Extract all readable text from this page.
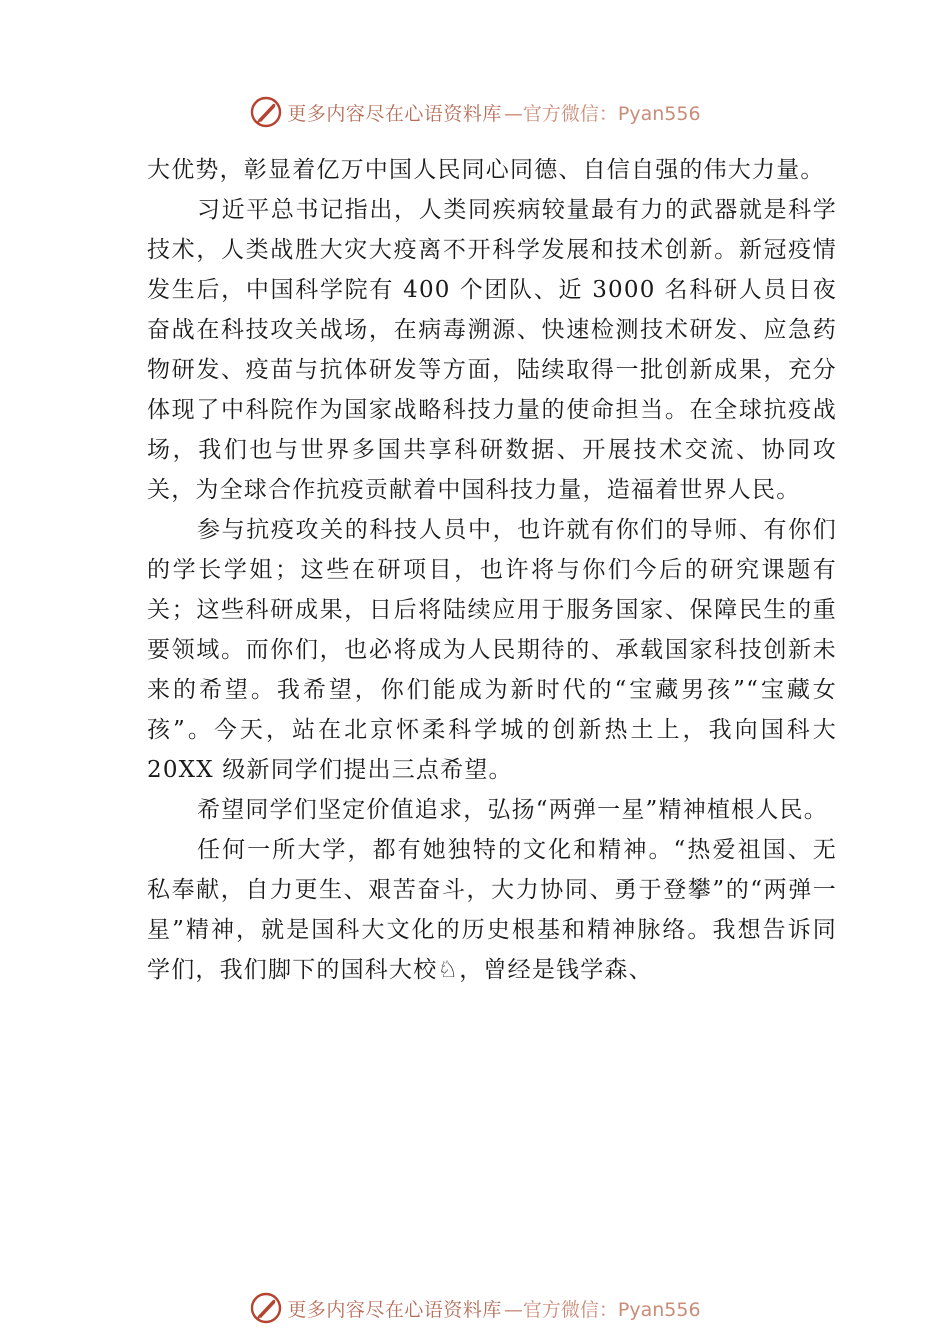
更多内容尽在心语资料库 —官方微信：Pyan556

大优势，彰显着亿万中国人民同心同德、自信自强的伟大力量。

习近平总书记指出，人类同疾病较量最有力的武器就是科学技术，人类战胜大灾大疫离不开科学发展和技术创新。新冠疫情发生后，中国科学院有 400 个团队、近 3000 名科研人员日夜奋战在科技攻关战场，在病毒溯源、快速检测技术研发、应急药物研发、疫苗与抗体研发等方面，陆续取得一批创新成果，充分体现了中科院作为国家战略科技力量的使命担当。在全球抗疫战场，我们也与世界多国共享科研数据、开展技术交流、协同攻关，为全球合作抗疫贡献着中国科技力量，造福着世界人民。

参与抗疫攻关的科技人员中，也许就有你们的导师、有你们的学长学姐；这些在研项目，也许将与你们今后的研究课题有关；这些科研成果，日后将陆续应用于服务国家、保障民生的重要领域。而你们，也必将成为人民期待的、承载国家科技创新未来的希望。我希望，你们能成为新时代的“宝藏男孩”“宝藏女孩”。今天，站在北京怀柔科学城的创新热土上，我向国科大 20XX 级新同学们提出三点希望。

希望同学们坚定价值追求，弘扬“两弹一星”精神植根人民。

任何一所大学，都有她独特的文化和精神。“热爱祖国、无私奉献，自力更生、艰苦奋斗，大力协同、勇于登攀”的“两弹一星”精神，就是国科大文化的历史根基和精神脉络。我想告诉同学们，我们脚下的国科大校♘，曾经是钱学森、

更多内容尽在心语资料库 —官方微信：Pyan556
